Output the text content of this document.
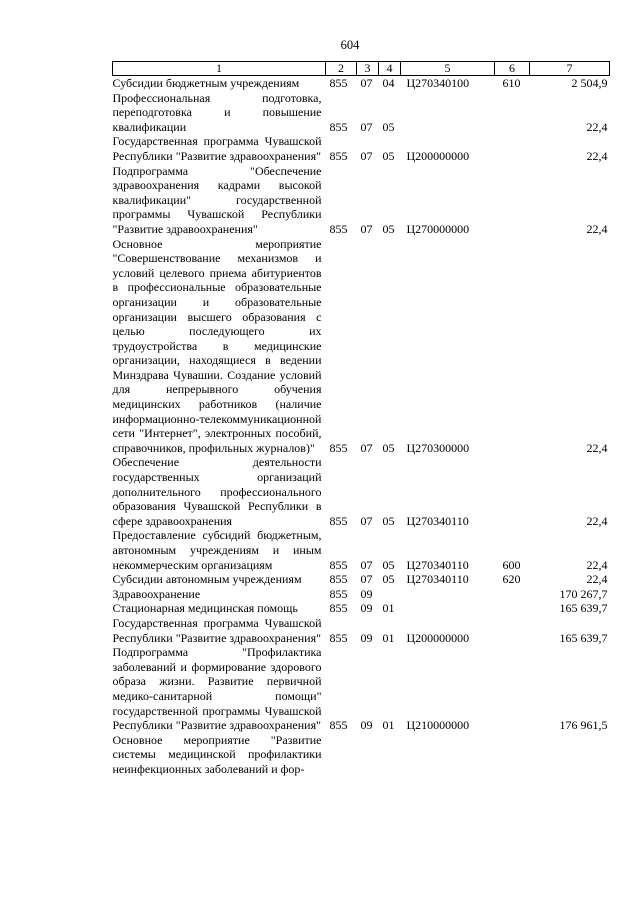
604
1	2	3	4	5	6	7
Субсидии бюджетным учреждениям	855	07	04	Ц270340100	610	2 504,9
Профессиональная подготовка, переподготовка и повышение квалификации	855	07	05			22,4
Государственная программа Чувашской Республики "Развитие здравоохранения"	855	07	05	Ц200000000		22,4
Подпрограмма "Обеспечение здравоохранения кадрами высокой квалификации" государственной программы Чувашской Республики "Развитие здравоохранения"	855	07	05	Ц270000000		22,4
Основное мероприятие "Совершенствование механизмов и условий целевого приема абитуриентов в профессиональные образовательные организации и образовательные организации высшего образования с целью последующего их трудоустройства в медицинские организации, находящиеся в ведении Минздрава Чувашии. Создание условий для непрерывного обучения медицинских работников (наличие информационно-телекоммуникационной сети "Интернет", электронных пособий, справочников, профильных журналов)"	855	07	05	Ц270300000		22,4
Обеспечение деятельности государственных организаций дополнительного профессионального образования Чувашской Республики в сфере здравоохранения	855	07	05	Ц270340110		22,4
Предоставление субсидий бюджетным, автономным учреждениям и иным некоммерческим организациям	855	07	05	Ц270340110	600	22,4
Субсидии автономным учреждениям	855	07	05	Ц270340110	620	22,4
Здравоохранение	855	09				170 267,7
Стационарная медицинская помощь	855	09	01			165 639,7
Государственная программа Чувашской Республики "Развитие здравоохранения"	855	09	01	Ц200000000		165 639,7
Подпрограмма "Профилактика заболеваний и формирование здорового образа жизни. Развитие первичной медико-санитарной помощи" государственной программы Чувашской Республики "Развитие здравоохранения"	855	09	01	Ц210000000		176 961,5
Основное мероприятие "Развитие системы медицинской профилактики неинфекционных заболеваний и фор-						
